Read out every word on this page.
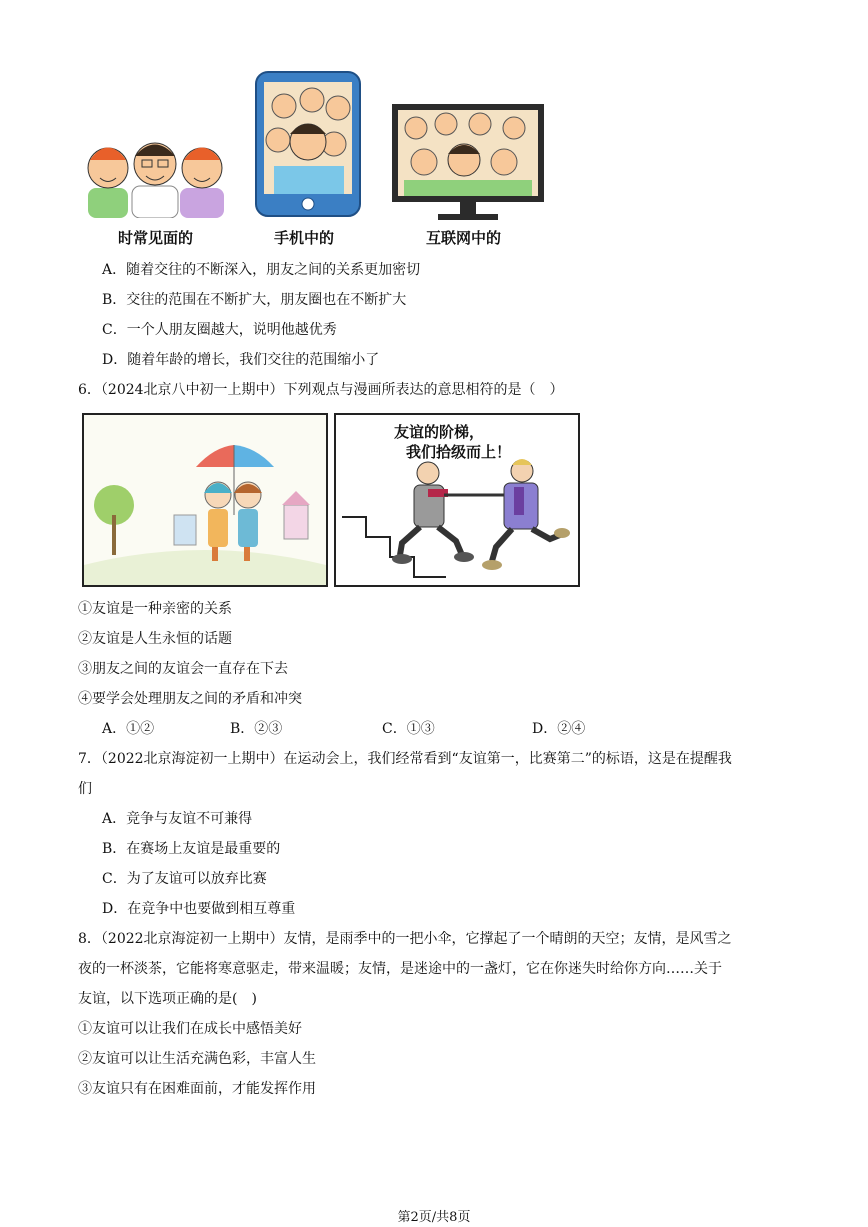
时常见面的	手机中的	互联网中的
A．随着交往的不断深入，朋友之间的关系更加密切
B．交往的范围在不断扩大，朋友圈也在不断扩大
C．一个人朋友圈越大，说明他越优秀
D．随着年龄的增长，我们交往的范围缩小了
6．（2024北京八中初一上期中）下列观点与漫画所表达的意思相符的是（　）
友谊的阶梯，
我们拾级而上！
①友谊是一种亲密的关系
②友谊是人生永恒的话题
③朋友之间的友谊会一直存在下去
④要学会处理朋友之间的矛盾和冲突
A．①②	B．②③	C．①③	D．②④
7．（2022北京海淀初一上期中）在运动会上，我们经常看到“友谊第一，比赛第二”的标语，这是在提醒我
们
A．竞争与友谊不可兼得
B．在赛场上友谊是最重要的
C．为了友谊可以放弃比赛
D．在竞争中也要做到相互尊重
8．（2022北京海淀初一上期中）友情，是雨季中的一把小伞，它撑起了一个晴朗的天空；友情，是风雪之
夜的一杯淡茶，它能将寒意驱走，带来温暖；友情，是迷途中的一盏灯，它在你迷失时给你方向……关于
友谊，以下选项正确的是(　)
①友谊可以让我们在成长中感悟美好
②友谊可以让生活充满色彩，丰富人生
③友谊只有在困难面前，才能发挥作用
第2页/共8页
